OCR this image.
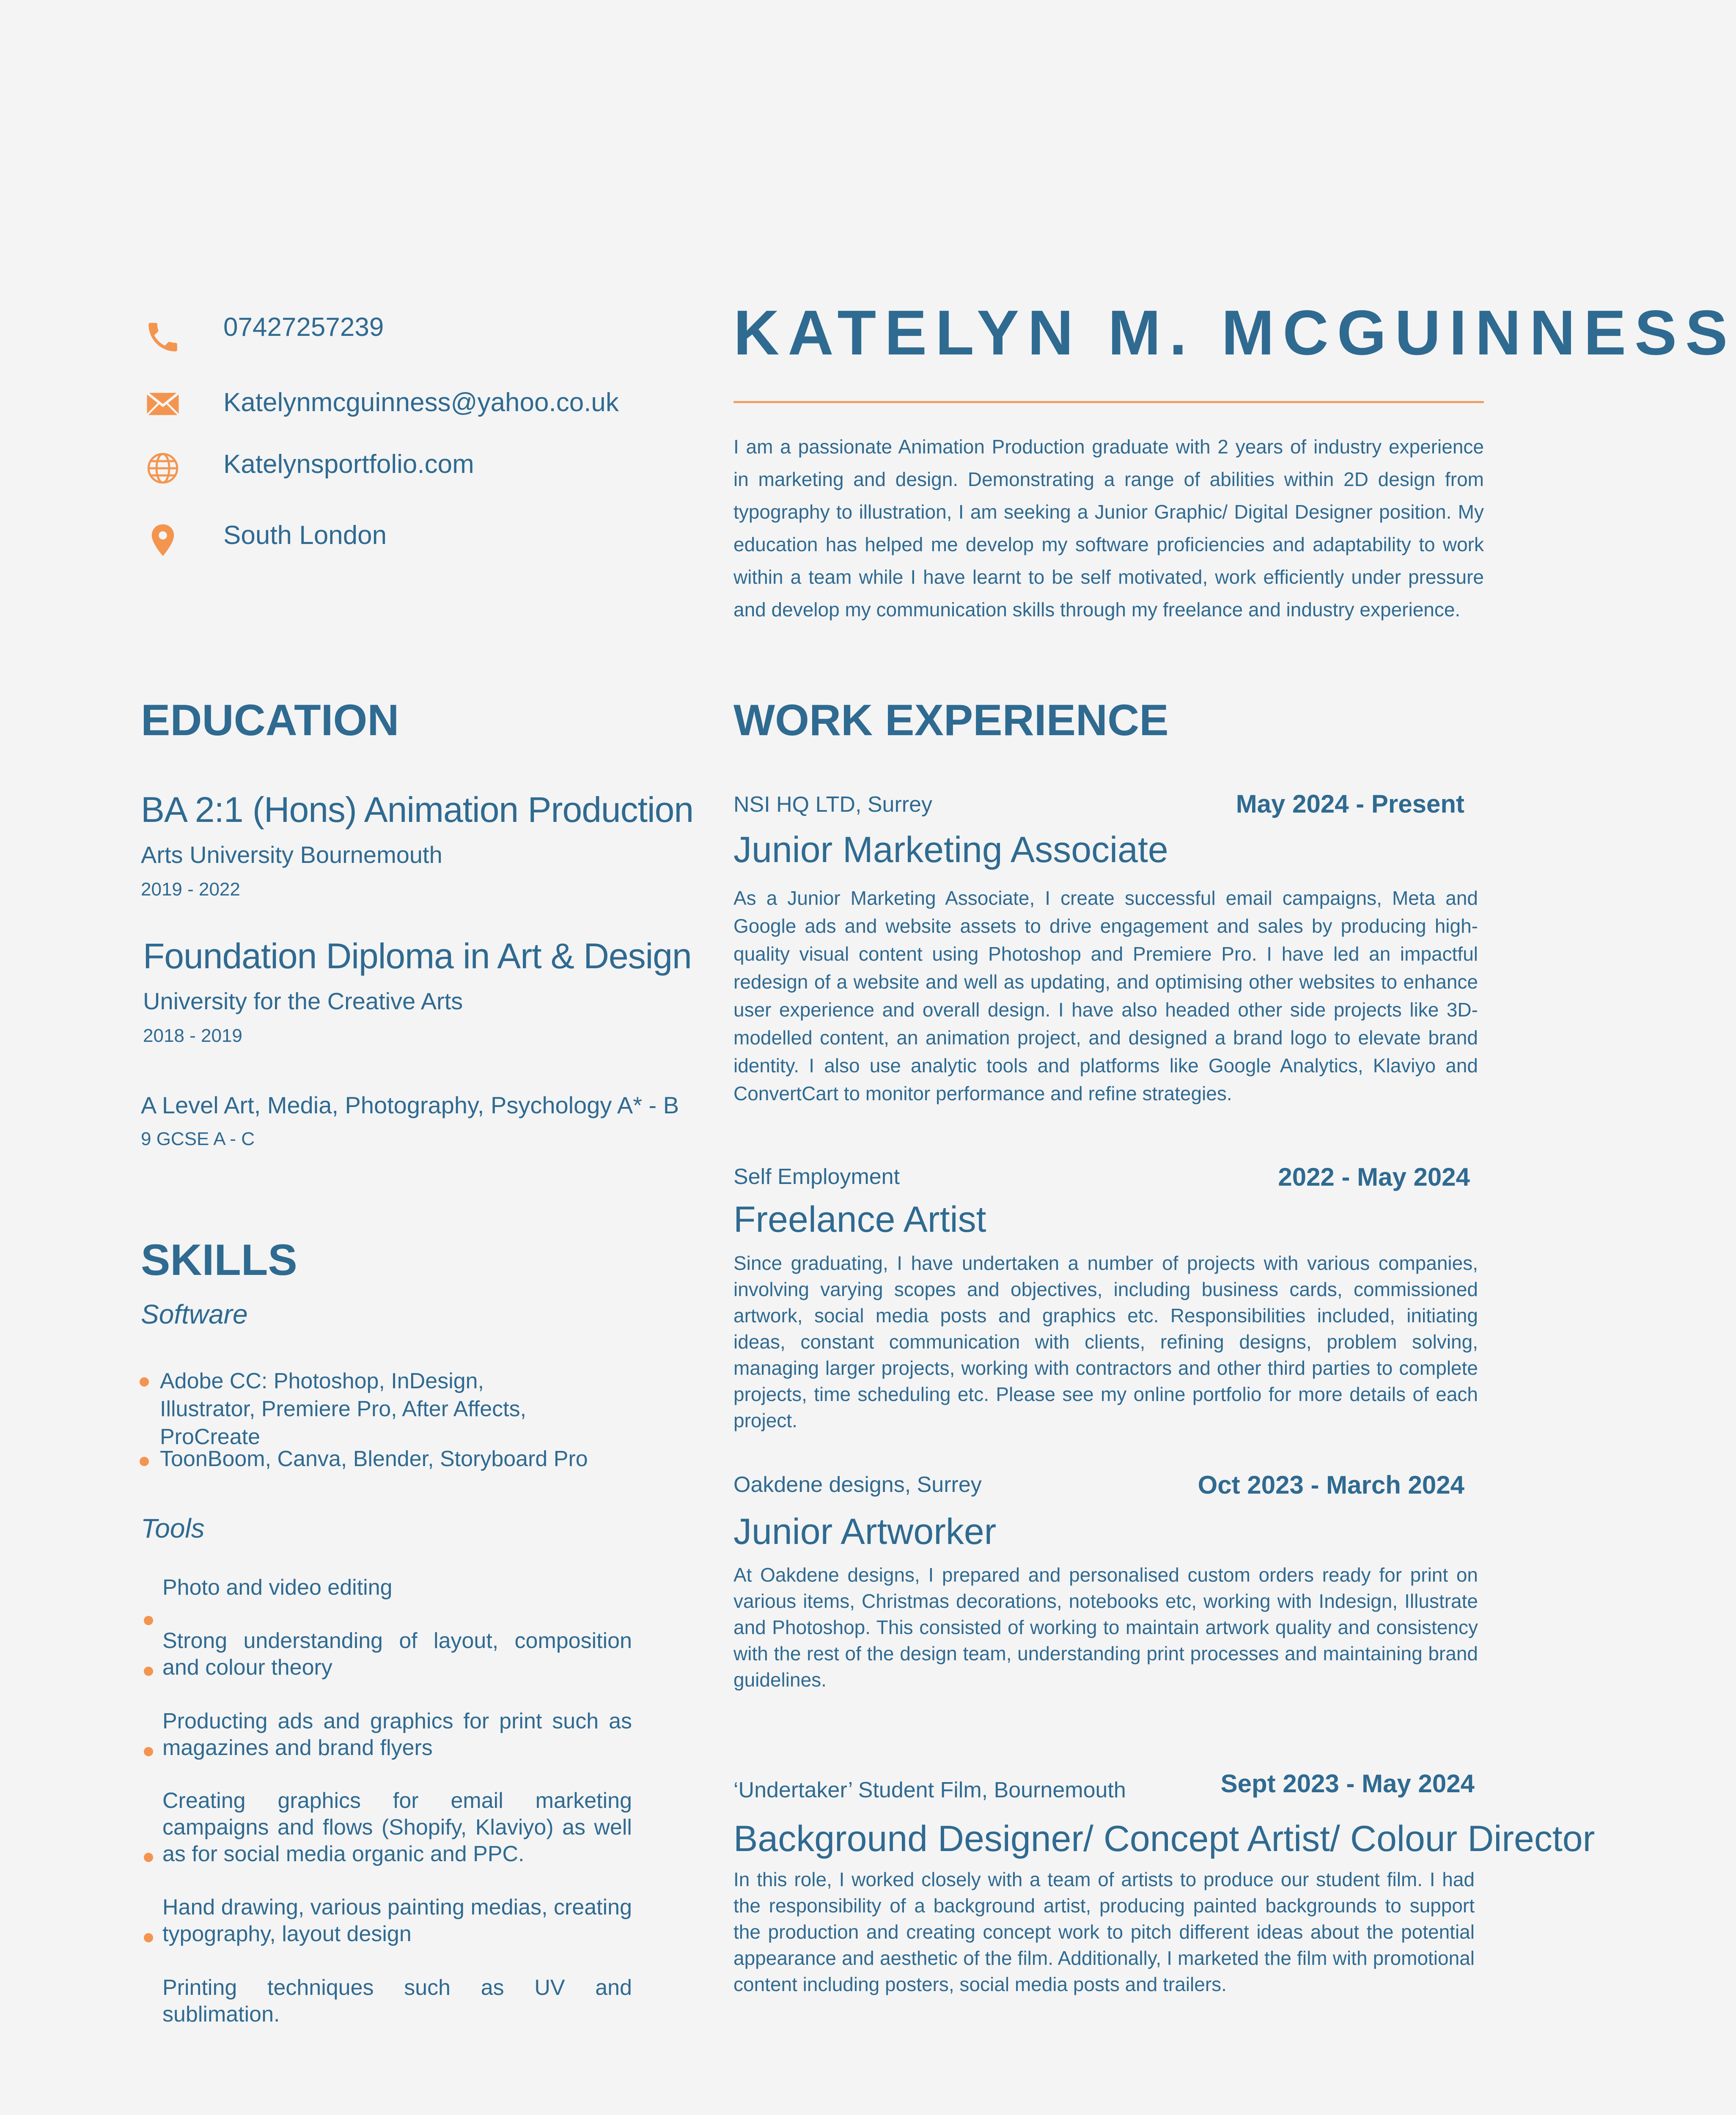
07427257239
Katelynmcguinness@yahoo.co.uk
Katelynsportfolio.com
South London
KATELYN M. MCGUINNESS
I am a passionate Animation Production graduate with 2 years of industry experience in marketing and design. Demonstrating a range of abilities within 2D design from typography to illustration, I am seeking a Junior Graphic/ Digital Designer position. My education has helped me develop my software proficiencies and adaptability to work within a team while I have learnt to be self motivated, work efficiently under pressure and develop my communication skills through my freelance and industry experience.
EDUCATION
BA 2:1 (Hons) Animation Production
Arts University Bournemouth
2019 - 2022
Foundation Diploma in Art & Design
University for the Creative Arts
2018 - 2019
A Level Art, Media, Photography, Psychology A* - B
9 GCSE A - C
SKILLS
Software
Adobe CC: Photoshop, InDesign, Illustrator, Premiere Pro, After Affects, ProCreate
ToonBoom, Canva, Blender, Storyboard Pro
Tools
Photo and video editing
Strong understanding of layout, composition and colour theory
Producting ads and graphics for print such as magazines and brand flyers
Creating graphics for email marketing campaigns and flows (Shopify, Klaviyo) as well as for social media organic and PPC.
Hand drawing, various painting medias, creating typography, layout design
Printing techniques such as UV and sublimation.
WORK EXPERIENCE
NSI HQ LTD, Surrey	May 2024 - Present
Junior Marketing Associate
As a Junior Marketing Associate, I create successful email campaigns, Meta and Google ads and website assets to drive engagement and sales by producing high-quality visual content using Photoshop and Premiere Pro. I have led an impactful redesign of a website and well as updating, and optimising other websites to enhance user experience and overall design. I have also headed other side projects like 3D-modelled content, an animation project, and designed a brand logo to elevate brand identity. I also use analytic tools and platforms like Google Analytics, Klaviyo and ConvertCart to monitor performance and refine strategies.
Self Employment	2022 - May 2024
Freelance Artist
Since graduating, I have undertaken a number of projects with various companies, involving varying scopes and objectives, including business cards, commissioned artwork, social media posts and graphics etc. Responsibilities included, initiating ideas, constant communication with clients, refining designs, problem solving, managing larger projects, working with contractors and other third parties to complete projects, time scheduling etc. Please see my online portfolio for more details of each project.
Oakdene designs, Surrey	Oct 2023 - March 2024
Junior Artworker
At Oakdene designs, I prepared and personalised custom orders ready for print on various items, Christmas decorations, notebooks etc, working with Indesign, Illustrate and Photoshop. This consisted of working to maintain artwork quality and consistency with the rest of the design team, understanding print processes and maintaining brand guidelines.
‘Undertaker’ Student Film, Bournemouth	Sept 2023 - May 2024
Background Designer/ Concept Artist/ Colour Director
In this role, I worked closely with a team of artists to produce our student film. I had the responsibility of a background artist, producing painted backgrounds to support the production and creating concept work to pitch different ideas about the potential appearance and aesthetic of the film. Additionally, I marketed the film with promotional content including posters, social media posts and trailers.
